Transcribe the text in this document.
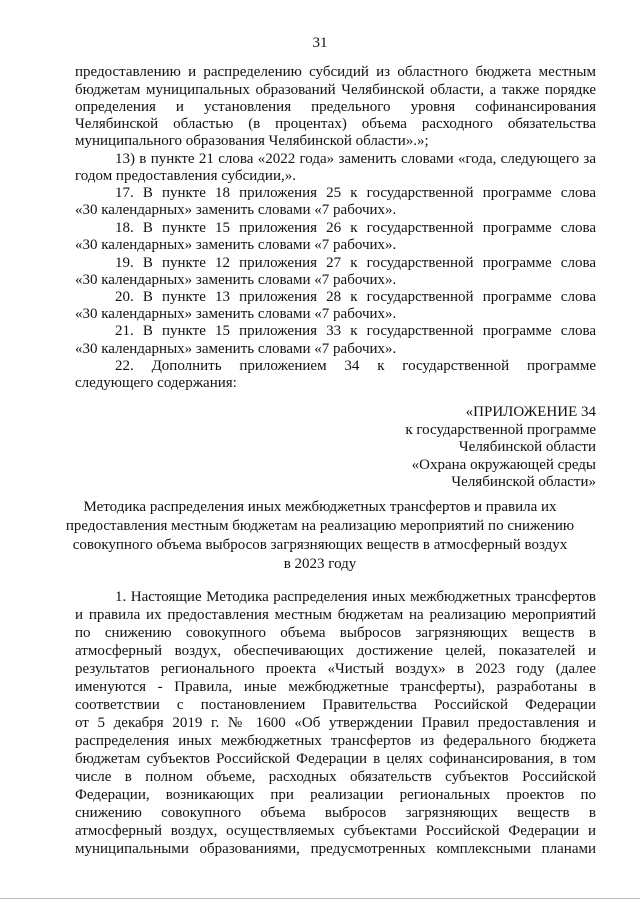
31
предоставлению и распределению субсидий из областного бюджета местным
бюджетам муниципальных образований Челябинской области, а также порядке
определения и установления предельного уровня софинансирования
Челябинской областью (в процентах) объема расходного обязательства
муниципального образования Челябинской области».»;
13) в пункте 21 слова «2022 года» заменить словами «года, следующего за
годом предоставления субсидии,».
17. В пункте 18 приложения 25 к государственной программе слова
«30 календарных» заменить словами «7 рабочих».
18. В пункте 15 приложения 26 к государственной программе слова
«30 календарных» заменить словами «7 рабочих».
19. В пункте 12 приложения 27 к государственной программе слова
«30 календарных» заменить словами «7 рабочих».
20. В пункте 13 приложения 28 к государственной программе слова
«30 календарных» заменить словами «7 рабочих».
21. В пункте 15 приложения 33 к государственной программе слова
«30 календарных» заменить словами «7 рабочих».
22. Дополнить приложением 34 к государственной программе
следующего содержания:
«ПРИЛОЖЕНИЕ 34
к государственной программе
Челябинской области
«Охрана окружающей среды
Челябинской области»
Методика распределения иных межбюджетных трансфертов и правила их
предоставления местным бюджетам на реализацию мероприятий по снижению
совокупного объема выбросов загрязняющих веществ в атмосферный воздух
в 2023 году
1. Настоящие Методика распределения иных межбюджетных трансфертов
и правила их предоставления местным бюджетам на реализацию мероприятий
по снижению совокупного объема выбросов загрязняющих веществ в
атмосферный воздух, обеспечивающих достижение целей, показателей и
результатов регионального проекта «Чистый воздух» в 2023 году (далее
именуются - Правила, иные межбюджетные трансферты), разработаны в
соответствии с постановлением Правительства Российской Федерации
от 5 декабря 2019 г. № 1600 «Об утверждении Правил предоставления и
распределения иных межбюджетных трансфертов из федерального бюджета
бюджетам субъектов Российской Федерации в целях софинансирования, в том
числе в полном объеме, расходных обязательств субъектов Российской
Федерации, возникающих при реализации региональных проектов по
снижению совокупного объема выбросов загрязняющих веществ в
атмосферный воздух, осуществляемых субъектами Российской Федерации и
муниципальными образованиями, предусмотренных комплексными планами
